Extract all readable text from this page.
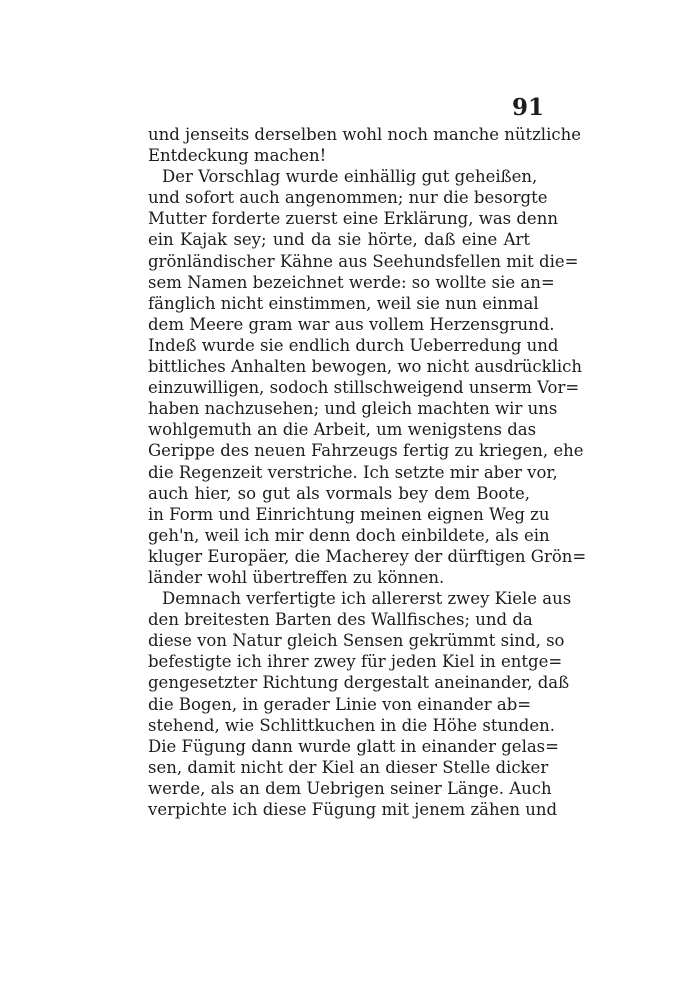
91
und jenseits derselben wohl noch manche nützliche
Entdeckung machen!
Der Vorschlag wurde einhällig gut geheißen,
und sofort auch angenommen; nur die besorgte
Mutter forderte zuerst eine Erklärung, was denn
ein Kajak sey; und da sie hörte, daß eine Art
grönländischer Kähne aus Seehundsfellen mit die=
sem Namen bezeichnet werde: so wollte sie an=
fänglich nicht einstimmen, weil sie nun einmal
dem Meere gram war aus vollem Herzensgrund.
Indeß wurde sie endlich durch Ueberredung und
bittliches Anhalten bewogen, wo nicht ausdrücklich
einzuwilligen, sodoch stillschweigend unserm Vor=
haben nachzusehen; und gleich machten wir uns
wohlgemuth an die Arbeit, um wenigstens das
Gerippe des neuen Fahrzeugs fertig zu kriegen, ehe
die Regenzeit verstriche. Ich setzte mir aber vor,
auch hier, so gut als vormals bey dem Boote,
in Form und Einrichtung meinen eignen Weg zu
geh'n, weil ich mir denn doch einbildete, als ein
kluger Europäer, die Macherey der dürftigen Grön=
länder wohl übertreffen zu können.
Demnach verfertigte ich allererst zwey Kiele aus
den breitesten Barten des Wallfisches; und da
diese von Natur gleich Sensen gekrümmt sind, so
befestigte ich ihrer zwey für jeden Kiel in entge=
gengesetzter Richtung dergestalt aneinander, daß
die Bogen, in gerader Linie von einander ab=
stehend, wie Schlittkuchen in die Höhe stunden.
Die Fügung dann wurde glatt in einander gelas=
sen, damit nicht der Kiel an dieser Stelle dicker
werde, als an dem Uebrigen seiner Länge. Auch
verpichte ich diese Fügung mit jenem zähen und
